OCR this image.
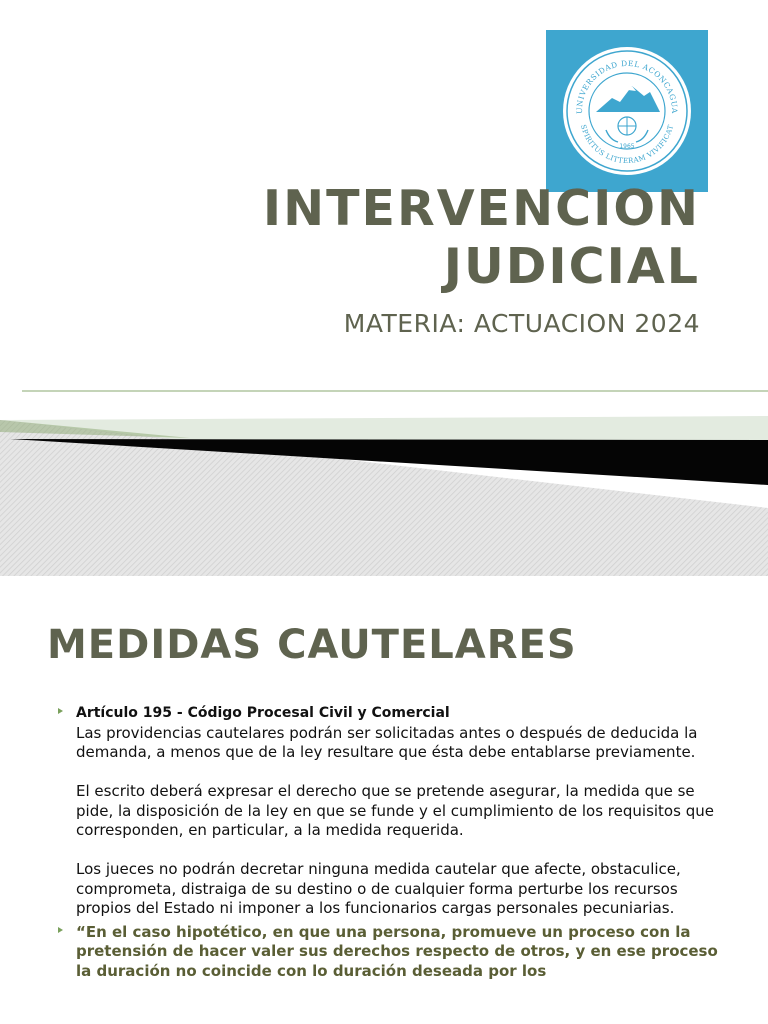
UNIVERSIDAD DEL ACONCAGUA
SPIRITUS LITTERAM VIVIFICAT
1965
INTERVENCION
JUDICIAL
MATERIA: ACTUACION 2024
MEDIDAS CAUTELARES
Artículo 195 - Código Procesal Civil y Comercial

Las providencias cautelares podrán ser solicitadas antes o después de deducida la demanda, a menos que de la ley resultare que ésta debe entablarse previamente.

El escrito deberá expresar el derecho que se pretende asegurar, la medida que se pide, la disposición de la ley en que se funde y el cumplimiento de los requisitos que corresponden, en particular, a la medida requerida.

Los jueces no podrán decretar ninguna medida cautelar que afecte, obstaculice, comprometa, distraiga de su destino o de cualquier forma perturbe los recursos propios del Estado ni imponer a los funcionarios cargas personales pecuniarias.

“En el caso hipotético, en que una persona, promueve un proceso con la pretensión de hacer valer sus derechos respecto de otros, y en ese proceso la duración no coincide con lo duración deseada por los
